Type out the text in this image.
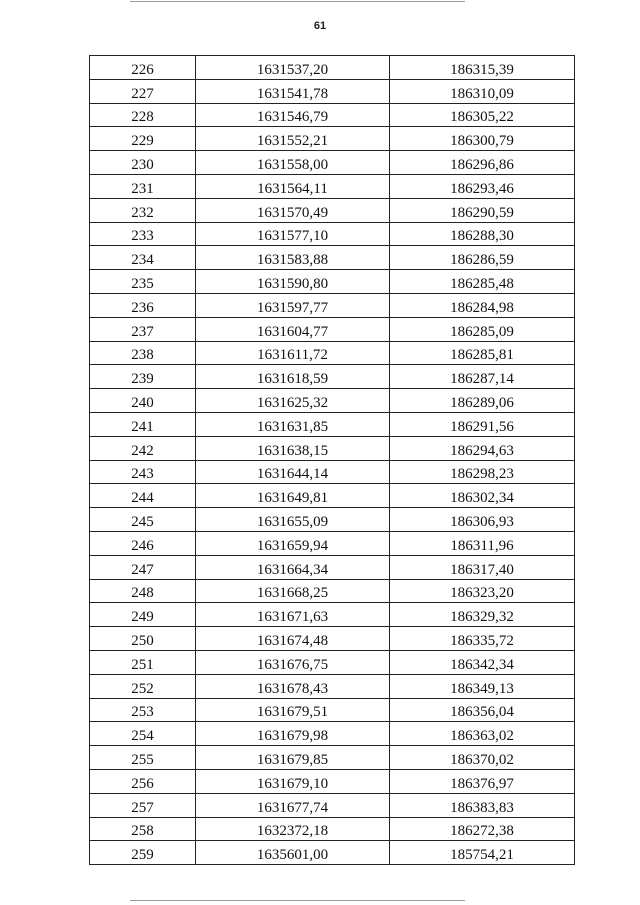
61
226	1631537,20	186315,39
227	1631541,78	186310,09
228	1631546,79	186305,22
229	1631552,21	186300,79
230	1631558,00	186296,86
231	1631564,11	186293,46
232	1631570,49	186290,59
233	1631577,10	186288,30
234	1631583,88	186286,59
235	1631590,80	186285,48
236	1631597,77	186284,98
237	1631604,77	186285,09
238	1631611,72	186285,81
239	1631618,59	186287,14
240	1631625,32	186289,06
241	1631631,85	186291,56
242	1631638,15	186294,63
243	1631644,14	186298,23
244	1631649,81	186302,34
245	1631655,09	186306,93
246	1631659,94	186311,96
247	1631664,34	186317,40
248	1631668,25	186323,20
249	1631671,63	186329,32
250	1631674,48	186335,72
251	1631676,75	186342,34
252	1631678,43	186349,13
253	1631679,51	186356,04
254	1631679,98	186363,02
255	1631679,85	186370,02
256	1631679,10	186376,97
257	1631677,74	186383,83
258	1632372,18	186272,38
259	1635601,00	185754,21
